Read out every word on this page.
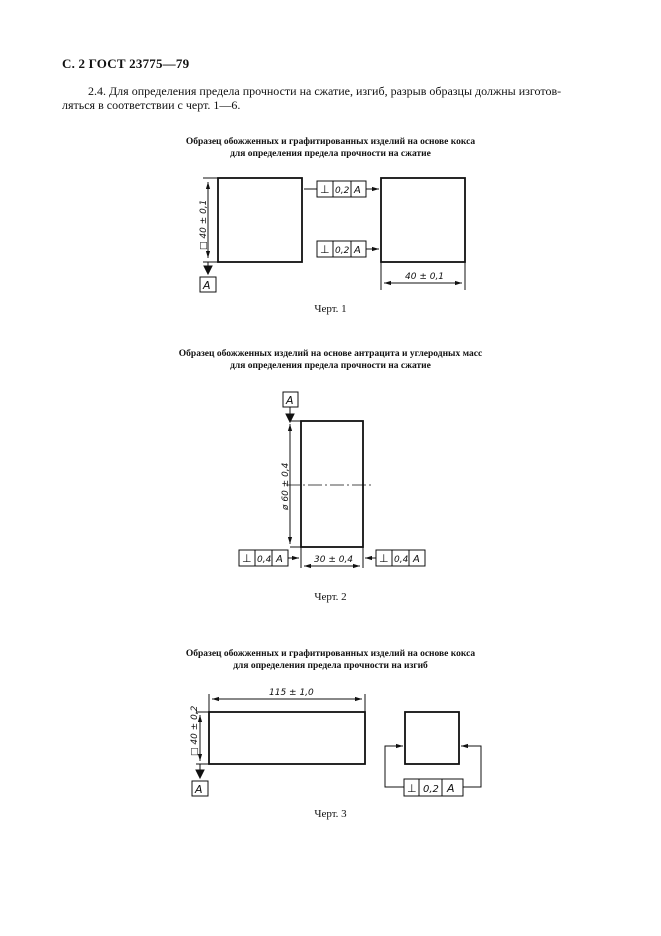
С. 2 ГОСТ 23775—79
2.4. Для определения предела прочности на сжатие, изгиб, разрыв образцы должны изготов-
ляться в соответствии с черт. 1—6.
Образец обожженных и графитированных изделий на основе кокса
для определения предела прочности на сжатие
Черт. 1
Образец обожженных изделий на основе антрацита и углеродных масс
для определения предела прочности на сжатие
Черт. 2
Образец обожженных и графитированных изделий на основе кокса
для определения предела прочности на изгиб
Черт. 3
□ 40 ± 0,1
A
40 ± 0,1
⊥ 0,2 A
⊥ 0,2 A
A
ø 60 ± 0,4
30 ± 0,4
⊥ 0,4 A	⊥ 0,4 A
115 ± 1,0
□ 40 ± 0,2
A	⊥ 0,2 A
